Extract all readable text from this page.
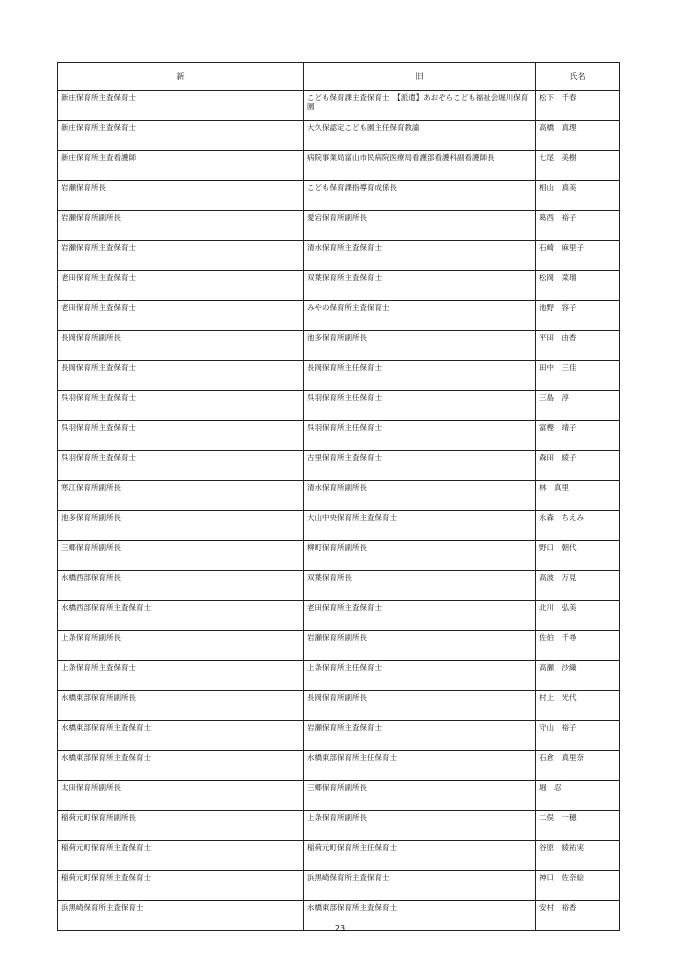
新	旧	氏名
新庄保育所主査保育士	こども保育課主査保育士　【派遣】あおぞらこども福祉会堀川保育園	松下　千春
新庄保育所主査保育士	大久保認定こども園主任保育教諭	高橋　真理
新庄保育所主査看護師	病院事業局富山市民病院医療局看護部看護科副看護師長	七尾　美樹
岩瀬保育所長	こども保育課指導育成係長	相山　真美
岩瀬保育所副所長	愛宕保育所副所長	葛西　裕子
岩瀬保育所主査保育士	清水保育所主査保育士	石崎　麻里子
老田保育所主査保育士	双葉保育所主査保育士	松岡　菜瑠
老田保育所主査保育士	みやの保育所主査保育士	池野　容子
長岡保育所副所長	池多保育所副所長	平田　由香
長岡保育所主査保育士	長岡保育所主任保育士	田中　三佳
呉羽保育所主査保育士	呉羽保育所主任保育士	三島　淳
呉羽保育所主査保育士	呉羽保育所主任保育士	富樫　靖子
呉羽保育所主査保育士	古里保育所主査保育士	森田　綾子
寒江保育所副所長	清水保育所副所長	林　真里
池多保育所副所長	大山中央保育所主査保育士	永森　ちえみ
三郷保育所副所長	柳町保育所副所長	野口　朝代
水橋西部保育所長	双葉保育所長	高波　万見
水橋西部保育所主査保育士	老田保育所主査保育士	北川　弘美
上条保育所副所長	岩瀬保育所副所長	佐伯　千尋
上条保育所主査保育士	上条保育所主任保育士	高瀬　沙織
水橋東部保育所副所長	長岡保育所副所長	村上　光代
水橋東部保育所主査保育士	岩瀬保育所主査保育士	守山　裕子
水橋東部保育所主査保育士	水橋東部保育所主任保育士	石倉　真里奈
太田保育所副所長	三郷保育所副所長	堀　忍
稲荷元町保育所副所長	上条保育所副所長	二俣　一穂
稲荷元町保育所主査保育士	稲荷元町保育所主任保育士	谷原　綾祐実
稲荷元町保育所主査保育士	浜黒崎保育所主査保育士	神口　佐奈絵
浜黒崎保育所主査保育士	水橋東部保育所主査保育士	安村　裕香
23
